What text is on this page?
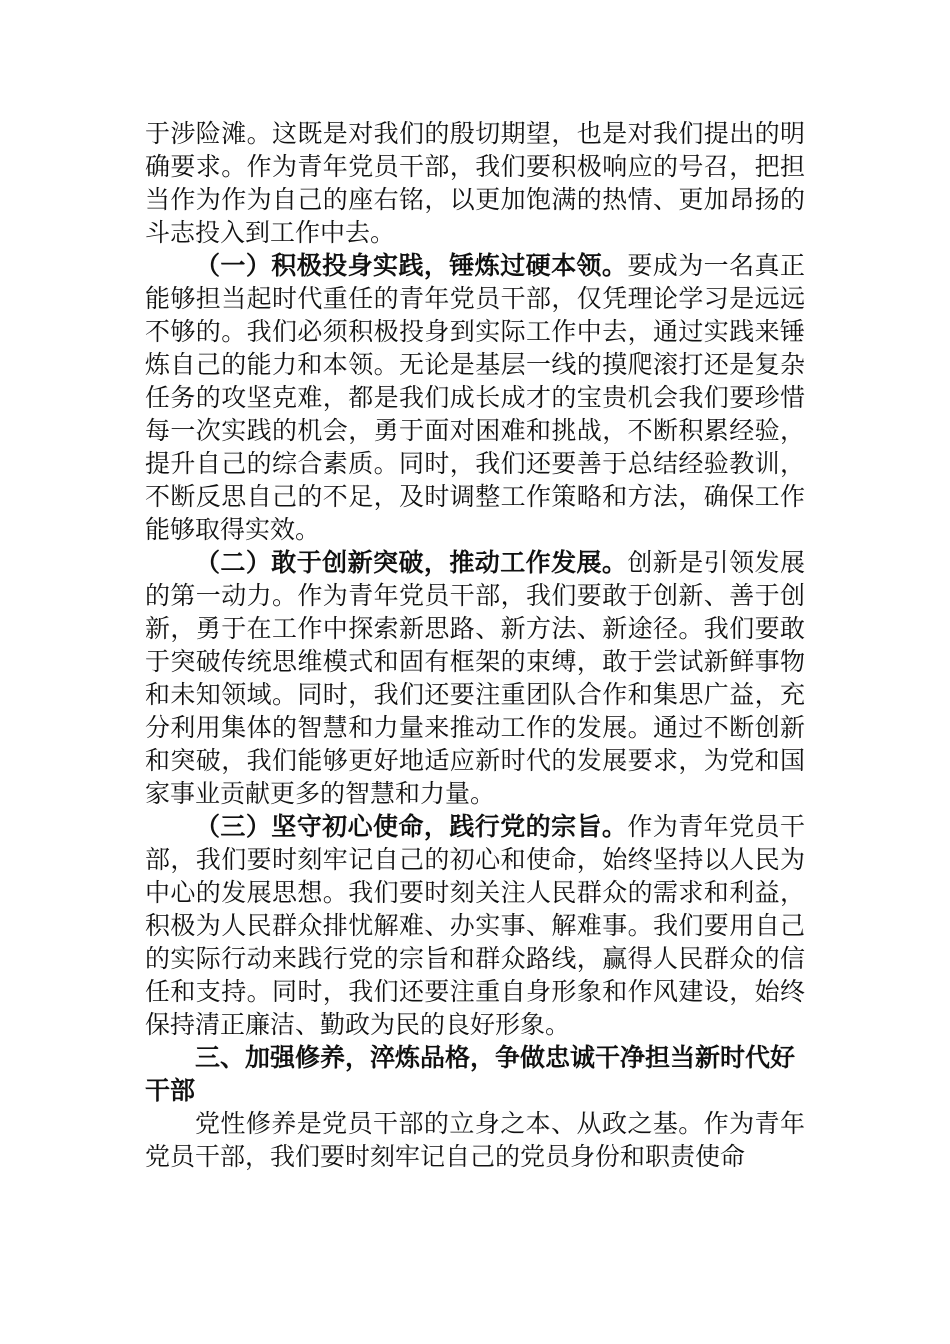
于涉险滩。这既是对我们的殷切期望，也是对我们提出的明确要求。作为青年党员干部，我们要积极响应的号召，把担当作为作为自己的座右铭，以更加饱满的热情、更加昂扬的斗志投入到工作中去。

（一）积极投身实践，锤炼过硬本领。要成为一名真正能够担当起时代重任的青年党员干部，仅凭理论学习是远远不够的。我们必须积极投身到实际工作中去，通过实践来锤炼自己的能力和本领。无论是基层一线的摸爬滚打还是复杂任务的攻坚克难，都是我们成长成才的宝贵机会我们要珍惜每一次实践的机会，勇于面对困难和挑战，不断积累经验，提升自己的综合素质。同时，我们还要善于总结经验教训，不断反思自己的不足，及时调整工作策略和方法，确保工作能够取得实效。

（二）敢于创新突破，推动工作发展。创新是引领发展的第一动力。作为青年党员干部，我们要敢于创新、善于创新，勇于在工作中探索新思路、新方法、新途径。我们要敢于突破传统思维模式和固有框架的束缚，敢于尝试新鲜事物和未知领域。同时，我们还要注重团队合作和集思广益，充分利用集体的智慧和力量来推动工作的发展。通过不断创新和突破，我们能够更好地适应新时代的发展要求，为党和国家事业贡献更多的智慧和力量。

（三）坚守初心使命，践行党的宗旨。作为青年党员干部，我们要时刻牢记自己的初心和使命，始终坚持以人民为中心的发展思想。我们要时刻关注人民群众的需求和利益，积极为人民群众排忧解难、办实事、解难事。我们要用自己的实际行动来践行党的宗旨和群众路线，赢得人民群众的信任和支持。同时，我们还要注重自身形象和作风建设，始终保持清正廉洁、勤政为民的良好形象。

三、加强修养，淬炼品格，争做忠诚干净担当新时代好干部

党性修养是党员干部的立身之本、从政之基。作为青年党员干部，我们要时刻牢记自己的党员身份和职责使命
